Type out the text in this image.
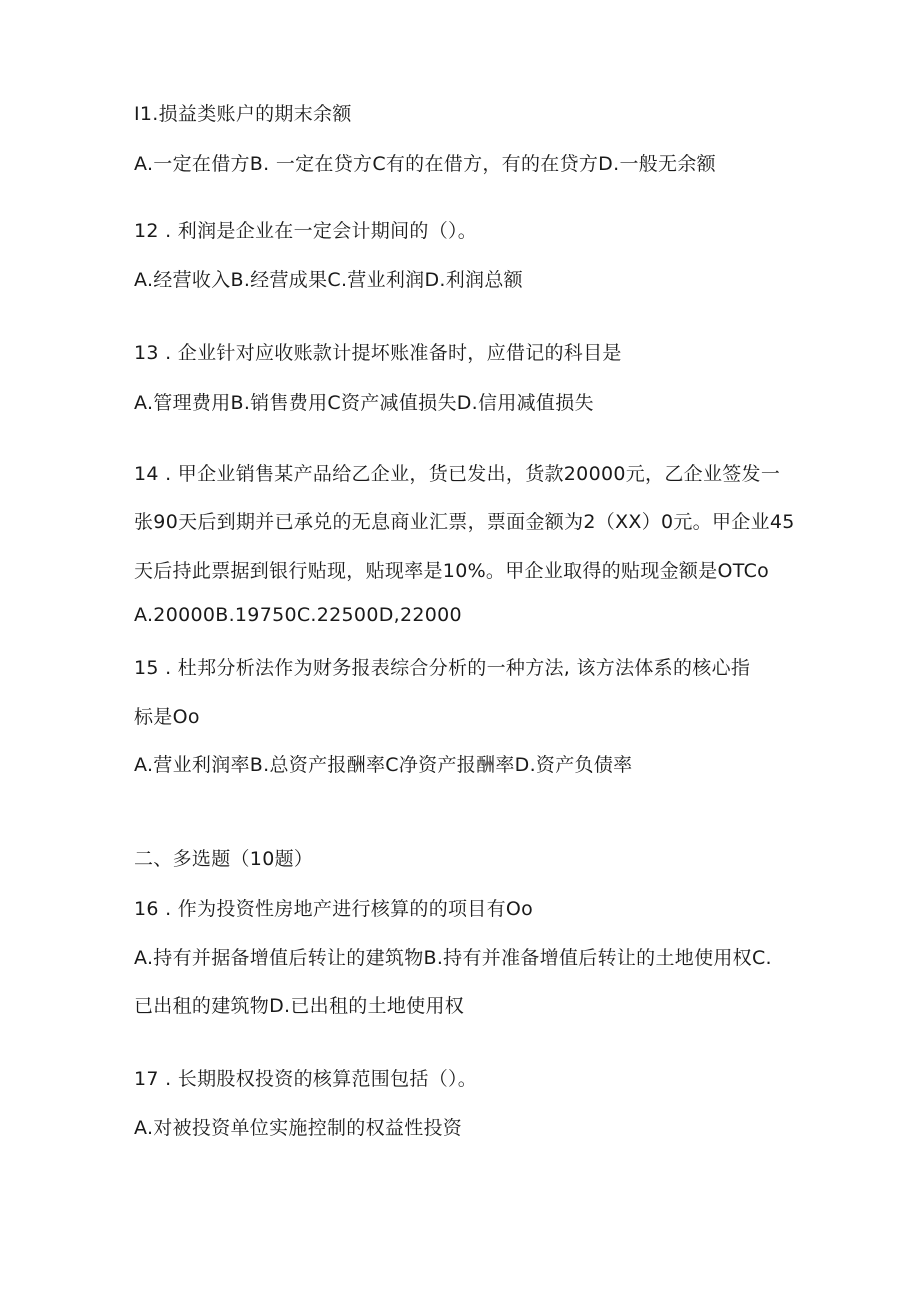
I1.损益类账户的期末余额
A.一定在借方B. 一定在贷方C有的在借方，有的在贷方D.一般无余额
12 . 利润是企业在一定会计期间的（）。
A.经营收入B.经营成果C.营业利润D.利润总额
13 . 企业针对应收账款计提坏账准备时，应借记的科目是
A.管理费用B.销售费用C资产减值损失D.信用减值损失
14 . 甲企业销售某产品给乙企业，货已发出，货款20000元，乙企业签发一
张90天后到期并已承兑的无息商业汇票，票面金额为2（XX）0元。甲企业45
天后持此票据到银行贴现，贴现率是10%。甲企业取得的贴现金额是OTCo
A.20000B.19750C.22500D,22000
15 . 杜邦分析法作为财务报表综合分析的一种方法, 该方法体系的核心指
标是Oo
A.营业利润率B.总资产报酬率C净资产报酬率D.资产负债率
二、多选题（10题）
16 . 作为投资性房地产进行核算的的项目有Oo
A.持有并据备增值后转让的建筑物B.持有并准备增值后转让的土地使用权C.
已出租的建筑物D.已出租的土地使用权
17 . 长期股权投资的核算范围包括（）。
A.对被投资单位实施控制的权益性投资
